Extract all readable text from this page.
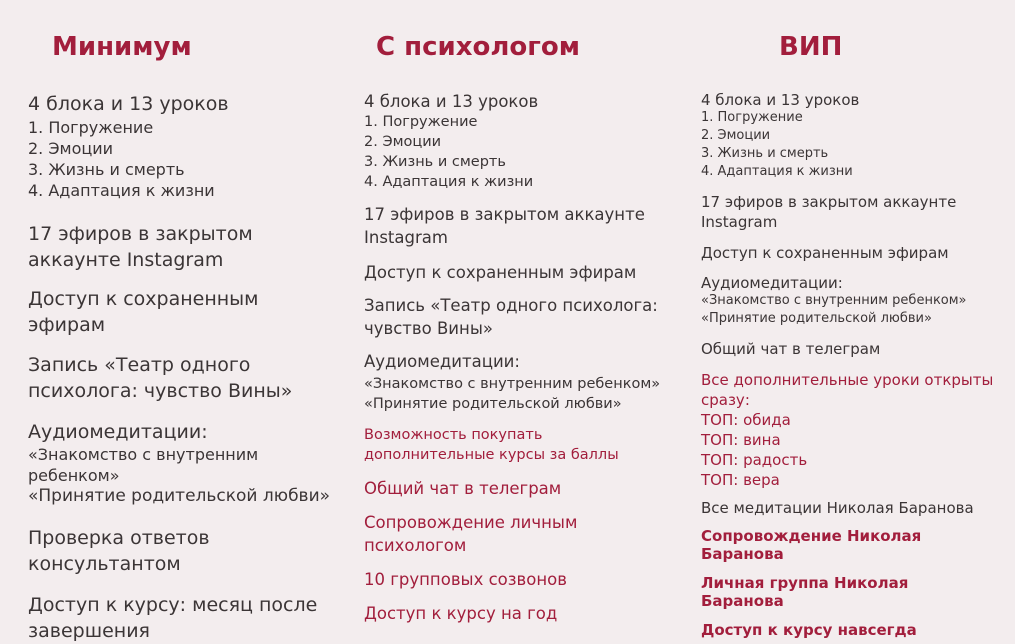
Минимум
4 блока и 13 уроков
1. Погружение
2. Эмоции
3. Жизнь и смерть
4. Адаптация к жизни
17 эфиров в закрытом
аккаунте Instagram
Доступ к сохраненным
эфирам
Запись «Театр одного
психолога: чувство Вины»
Аудиомедитации:
«Знакомство с внутренним
ребенком»
«Принятие родительской любви»
Проверка ответов
консультантом
Доступ к курсу: месяц после
завершения
С психологом
4 блока и 13 уроков
1. Погружение
2. Эмоции
3. Жизнь и смерть
4. Адаптация к жизни
17 эфиров в закрытом аккаунте
Instagram
Доступ к сохраненным эфирам
Запись «Театр одного психолога:
чувство Вины»
Аудиомедитации:
«Знакомство с внутренним ребенком»
«Принятие родительской любви»
Возможность покупать
дополнительные курсы за баллы
Общий чат в телеграм
Сопровождение личным
психологом
10 групповых созвонов
Доступ к курсу на год
ВИП
4 блока и 13 уроков
1. Погружение
2. Эмоции
3. Жизнь и смерть
4. Адаптация к жизни
17 эфиров в закрытом аккаунте
Instagram
Доступ к сохраненным эфирам
Аудиомедитации:
«Знакомство с внутренним ребенком»
«Принятие родительской любви»
Общий чат в телеграм
Все дополнительные уроки открыты
сразу:
ТОП: обида
ТОП: вина
ТОП: радость
ТОП: вера
Все медитации Николая Баранова
Сопровождение Николая
Баранова
Личная группа Николая
Баранова
Доступ к курсу навсегда
